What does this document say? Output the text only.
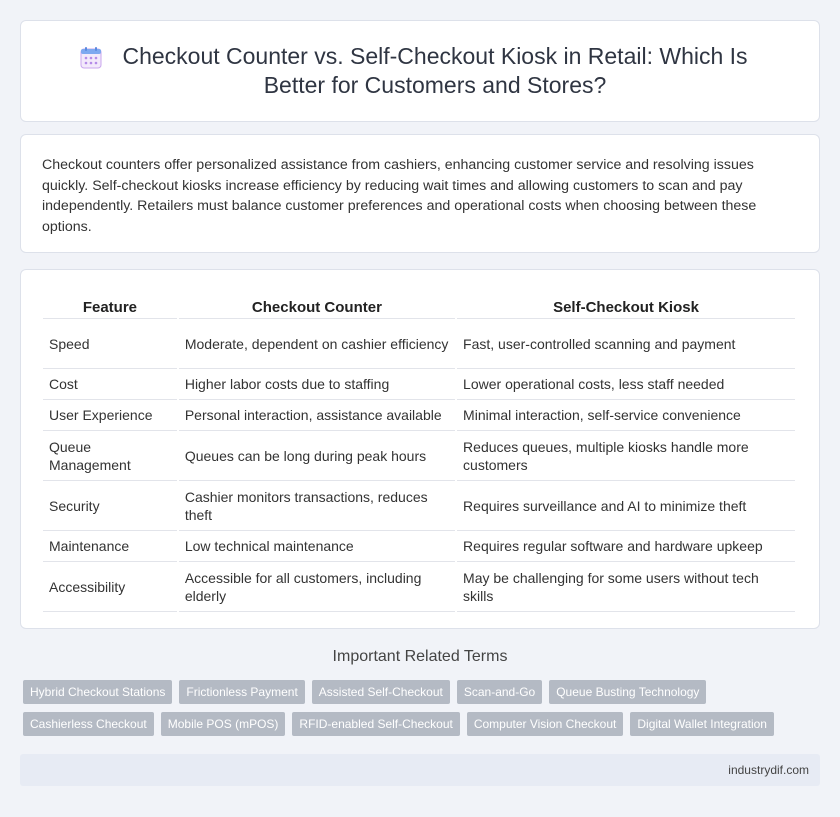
Checkout Counter vs. Self-Checkout Kiosk in Retail: Which Is Better for Customers and Stores?

Checkout counters offer personalized assistance from cashiers, enhancing customer service and resolving issues quickly. Self-checkout kiosks increase efficiency by reducing wait times and allowing customers to scan and pay independently. Retailers must balance customer preferences and operational costs when choosing between these options.

Feature	Checkout Counter	Self-Checkout Kiosk
Speed	Moderate, dependent on cashier efficiency	Fast, user-controlled scanning and payment
Cost	Higher labor costs due to staffing	Lower operational costs, less staff needed
User Experience	Personal interaction, assistance available	Minimal interaction, self-service convenience
Queue Management	Queues can be long during peak hours	Reduces queues, multiple kiosks handle more customers
Security	Cashier monitors transactions, reduces theft	Requires surveillance and AI to minimize theft
Maintenance	Low technical maintenance	Requires regular software and hardware upkeep
Accessibility	Accessible for all customers, including elderly	May be challenging for some users without tech skills
Important Related Terms
Hybrid Checkout Stations	Frictionless Payment	Assisted Self-Checkout	Scan-and-Go	Queue Busting Technology
Cashierless Checkout	Mobile POS (mPOS)	RFID-enabled Self-Checkout	Computer Vision Checkout	Digital Wallet Integration
industrydif.com
